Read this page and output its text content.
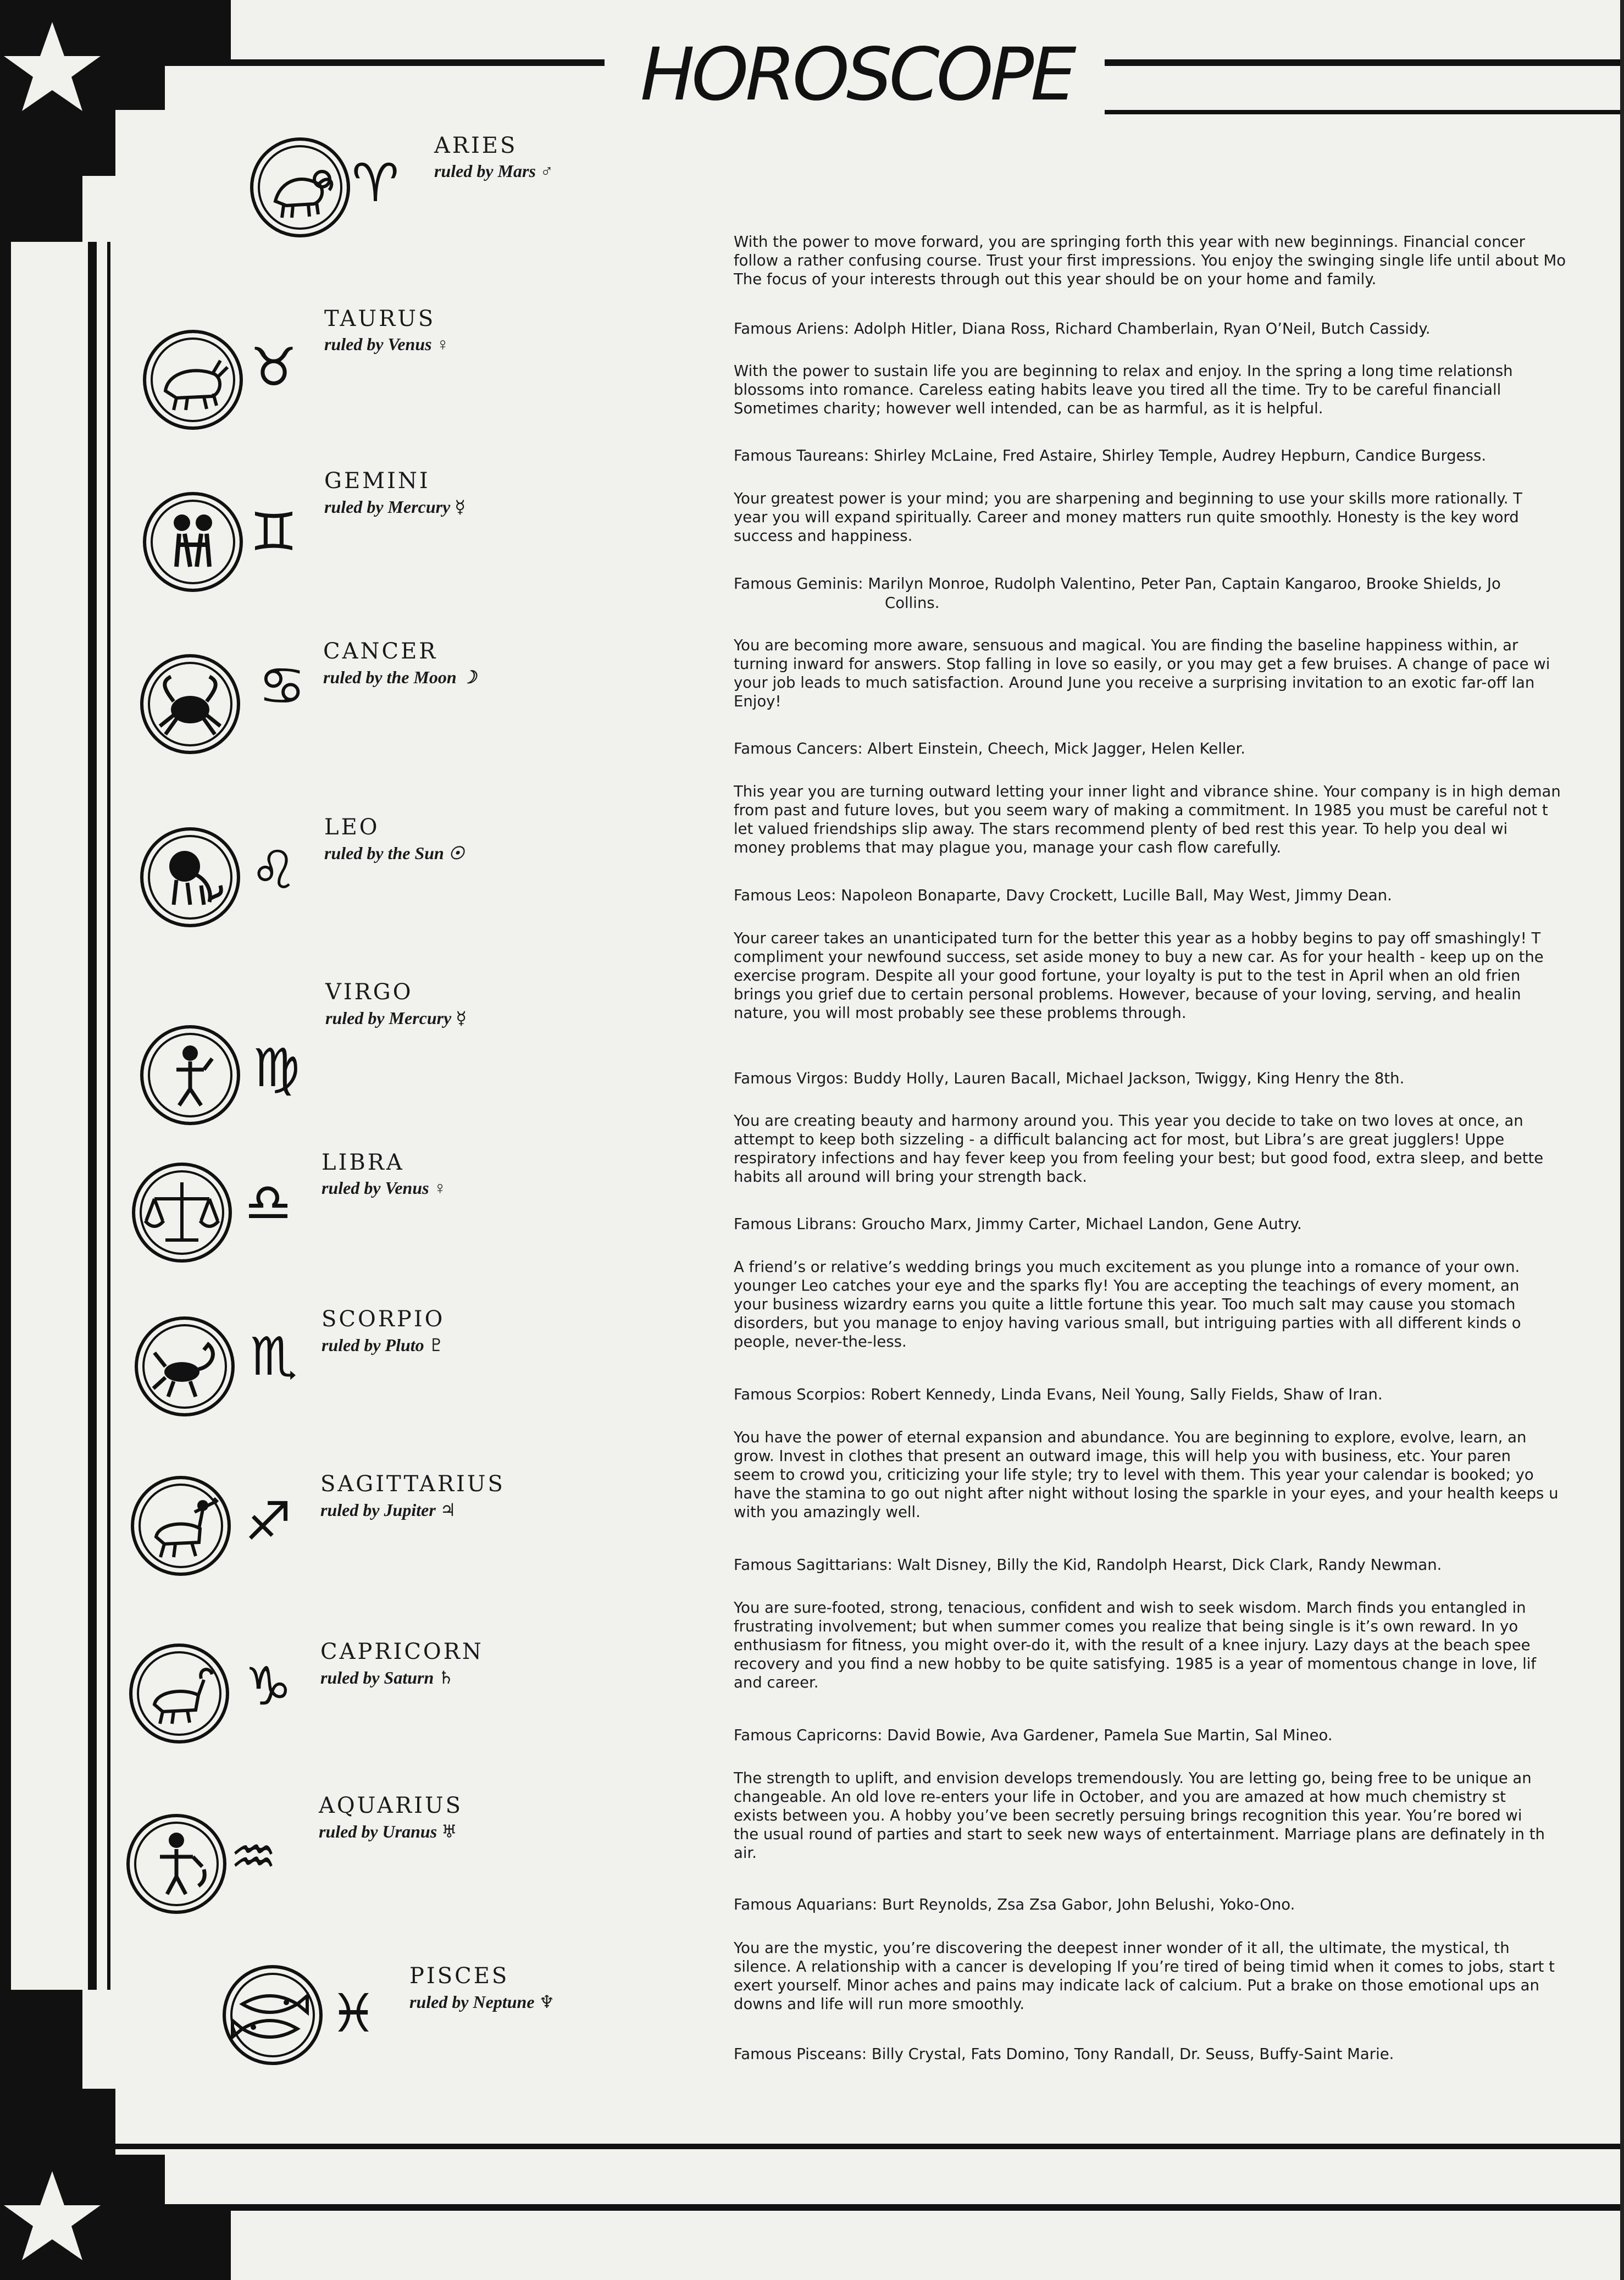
HOROSCOPE
♈
ARIES
ruled by Mars ♂
♉
TAURUS
ruled by Venus ♀
♊
GEMINI
ruled by Mercury ☿
♋
CANCER
ruled by the Moon ☽
♌
LEO
ruled by the Sun ☉
♍
VIRGO
ruled by Mercury ☿
♎
LIBRA
ruled by Venus ♀
♏
SCORPIO
ruled by Pluto ♇
♐
SAGITTARIUS
ruled by Jupiter ♃
♑
CAPRICORN
ruled by Saturn ♄
♒
AQUARIUS
ruled by Uranus ♅
♓
PISCES
ruled by Neptune ♆

With the power to move forward, you are springing forth this year with new beginnings. Financial concer

follow a rather confusing course. Trust your first impressions. You enjoy the swinging single life until about Mo

The focus of your interests through out this year should be on your home and family.

Famous Ariens: Adolph Hitler, Diana Ross, Richard Chamberlain, Ryan O’Neil, Butch Cassidy.

With the power to sustain life you are beginning to relax and enjoy. In the spring a long time relationsh

blossoms into romance. Careless eating habits leave you tired all the time. Try to be careful financiall

Sometimes charity; however well intended, can be as harmful, as it is helpful.

Famous Taureans: Shirley McLaine, Fred Astaire, Shirley Temple, Audrey Hepburn, Candice Burgess.

Your greatest power is your mind; you are sharpening and beginning to use your skills more rationally. T

year you will expand spiritually. Career and money matters run quite smoothly. Honesty is the key word

success and happiness.

Famous Geminis: Marilyn Monroe, Rudolph Valentino, Peter Pan, Captain Kangaroo, Brooke Shields, Jo
Collins.

You are becoming more aware, sensuous and magical. You are finding the baseline happiness within, ar

turning inward for answers. Stop falling in love so easily, or you may get a few bruises. A change of pace wi

your job leads to much satisfaction. Around June you receive a surprising invitation to an exotic far-off lan

Enjoy!

Famous Cancers: Albert Einstein, Cheech, Mick Jagger, Helen Keller.

This year you are turning outward letting your inner light and vibrance shine. Your company is in high deman

from past and future loves, but you seem wary of making a commitment. In 1985 you must be careful not t

let valued friendships slip away. The stars recommend plenty of bed rest this year. To help you deal wi

money problems that may plague you, manage your cash flow carefully.

Famous Leos: Napoleon Bonaparte, Davy Crockett, Lucille Ball, May West, Jimmy Dean.

Your career takes an unanticipated turn for the better this year as a hobby begins to pay off smashingly! T

compliment your newfound success, set aside money to buy a new car. As for your health - keep up on the

exercise program. Despite all your good fortune, your loyalty is put to the test in April when an old frien

brings you grief due to certain personal problems. However, because of your loving, serving, and healin

nature, you will most probably see these problems through.

Famous Virgos: Buddy Holly, Lauren Bacall, Michael Jackson, Twiggy, King Henry the 8th.

You are creating beauty and harmony around you. This year you decide to take on two loves at once, an

attempt to keep both sizzeling - a difficult balancing act for most, but Libra’s are great jugglers! Uppe

respiratory infections and hay fever keep you from feeling your best; but good food, extra sleep, and bette

habits all around will bring your strength back.

Famous Librans: Groucho Marx, Jimmy Carter, Michael Landon, Gene Autry.

A friend’s or relative’s wedding brings you much excitement as you plunge into a romance of your own.

younger Leo catches your eye and the sparks fly! You are accepting the teachings of every moment, an

your business wizardry earns you quite a little fortune this year. Too much salt may cause you stomach

disorders, but you manage to enjoy having various small, but intriguing parties with all different kinds o

people, never-the-less.

Famous Scorpios: Robert Kennedy, Linda Evans, Neil Young, Sally Fields, Shaw of Iran.

You have the power of eternal expansion and abundance. You are beginning to explore, evolve, learn, an

grow. Invest in clothes that present an outward image, this will help you with business, etc. Your paren

seem to crowd you, criticizing your life style; try to level with them. This year your calendar is booked; yo

have the stamina to go out night after night without losing the sparkle in your eyes, and your health keeps u

with you amazingly well.

Famous Sagittarians: Walt Disney, Billy the Kid, Randolph Hearst, Dick Clark, Randy Newman.

You are sure-footed, strong, tenacious, confident and wish to seek wisdom. March finds you entangled in

frustrating involvement; but when summer comes you realize that being single is it’s own reward. In yo

enthusiasm for fitness, you might over-do it, with the result of a knee injury. Lazy days at the beach spee

recovery and you find a new hobby to be quite satisfying. 1985 is a year of momentous change in love, lif

and career.

Famous Capricorns: David Bowie, Ava Gardener, Pamela Sue Martin, Sal Mineo.

The strength to uplift, and envision develops tremendously. You are letting go, being free to be unique an

changeable. An old love re-enters your life in October, and you are amazed at how much chemistry st

exists between you. A hobby you’ve been secretly persuing brings recognition this year. You’re bored wi

the usual round of parties and start to seek new ways of entertainment. Marriage plans are definately in th

air.

Famous Aquarians: Burt Reynolds, Zsa Zsa Gabor, John Belushi, Yoko-Ono.

You are the mystic, you’re discovering the deepest inner wonder of it all, the ultimate, the mystical, th

silence. A relationship with a cancer is developing If you’re tired of being timid when it comes to jobs, start t

exert yourself. Minor aches and pains may indicate lack of calcium. Put a brake on those emotional ups an

downs and life will run more smoothly.

Famous Pisceans: Billy Crystal, Fats Domino, Tony Randall, Dr. Seuss, Buffy-Saint Marie.
